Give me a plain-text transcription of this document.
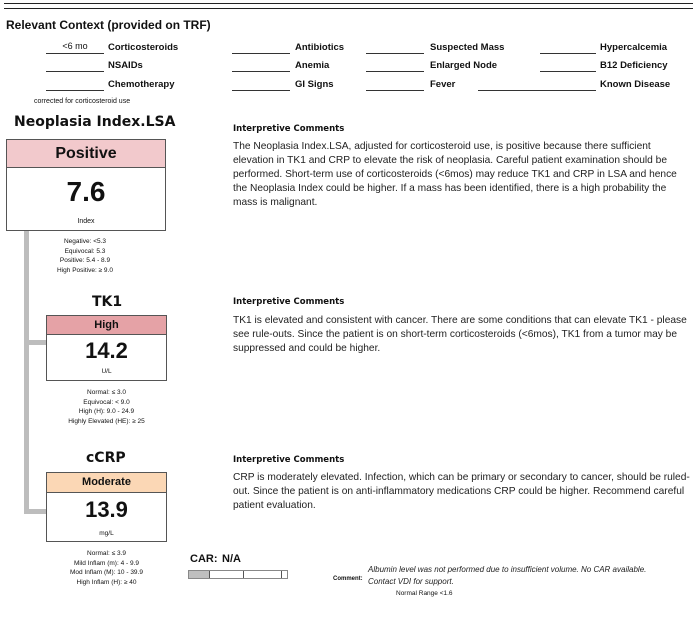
Relevant Context (provided on TRF)
<6 mo	Corticosteroids
NSAIDs
Chemotherapy
Antibiotics
Anemia
GI Signs
Suspected Mass
Enlarged Node
Fever
Hypercalcemia
B12 Deficiency
Known Disease
corrected for corticosteroid use
Neoplasia Index.LSA
Positive
7.6
Index
Negative: <5.3
Equivocal: 5.3
Positive: 5.4 - 8.9
High Positive: ≥ 9.0
TK1
High
14.2
U/L
Normal: ≤ 3.0
Equivocal: < 9.0
High (H): 9.0 - 24.9
Highly Elevated (HE): ≥ 25
cCRP
Moderate
13.9
mg/L
Normal: ≤ 3.9
Mild Inflam (m): 4 - 9.9
Mod Inflam (M): 10 - 39.9
High Inflam (H): ≥ 40
Interpretive Comments
The Neoplasia Index.LSA, adjusted for corticosteroid use, is positive because there sufficient elevation in TK1 and CRP to elevate the risk of neoplasia. Careful patient examination should be performed. Short-term use of corticosteroids (<6mos) may reduce TK1 and CRP in LSA and hence the Neoplasia Index could be higher. If a mass has been identified, there is a high probability the mass is malignant.
Interpretive Comments
TK1 is elevated and consistent with cancer. There are some conditions that can elevate TK1 - please see rule-outs. Since the patient is on short-term corticosteroids (<6mos), TK1 from a tumor may be suppressed and could be higher.
Interpretive Comments
CRP is moderately elevated. Infection, which can be primary or secondary to cancer, should be ruled-out. Since the patient is on anti-inflammatory medications CRP could be higher. Recommend careful patient evaluation.
CAR: N/A
Comment:
Albumin level was not performed due to insufficient volume. No CAR available. Contact VDI for support.
Normal Range <1.6
